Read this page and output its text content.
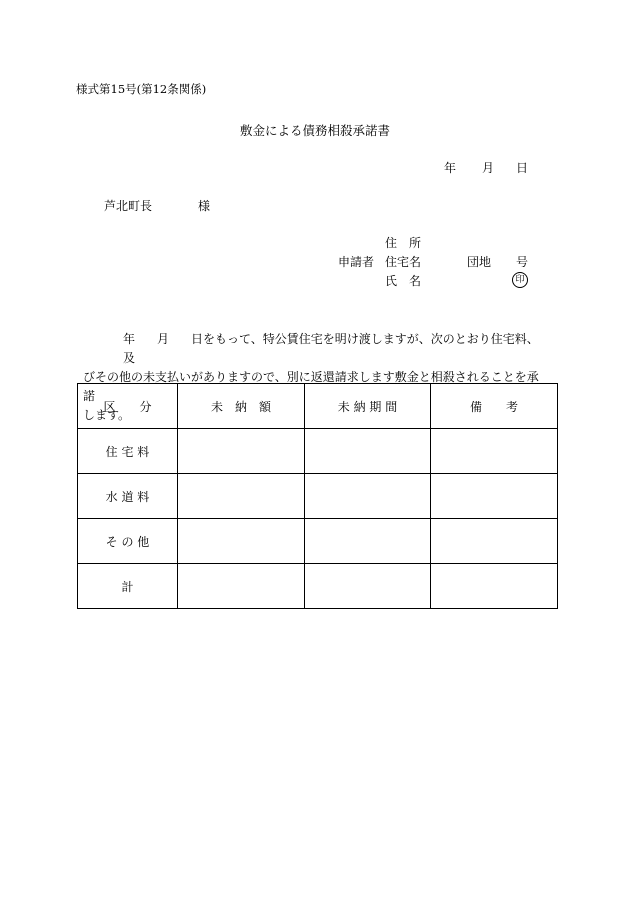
様式第15号(第12条関係)
敷金による債務相殺承諾書
年 月 日
芦北町長	様
住 所
申請者 住宅名	団地 号
氏 名	印
年 月 日をもって、特公賃住宅を明け渡しますが、次のとおり住宅料、及
びその他の未支払いがありますので、別に返還請求します敷金と相殺されることを承諾
します。
区　　分	未　納　額	未 納 期 間	備　　考
住 宅 料			
水 道 料			
そ の 他			
計			
